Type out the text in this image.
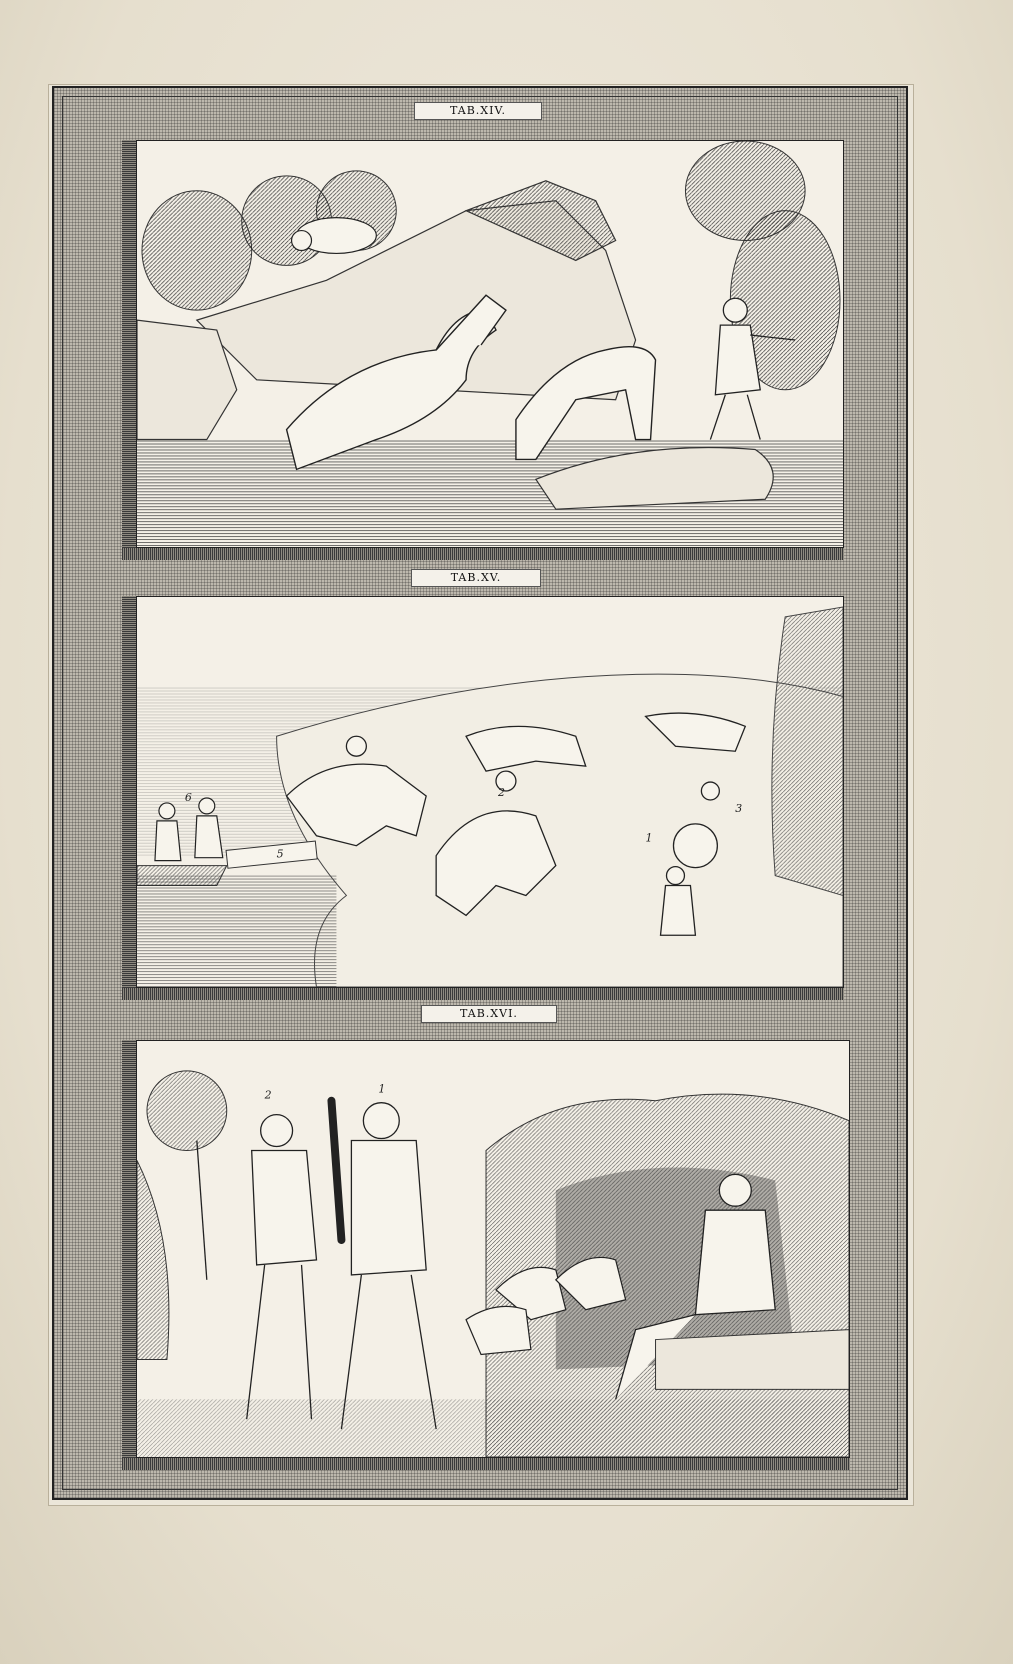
TAB.XIV.
TAB.XV.
TAB.XVI.
6
5
2
1
3
2	1
·
